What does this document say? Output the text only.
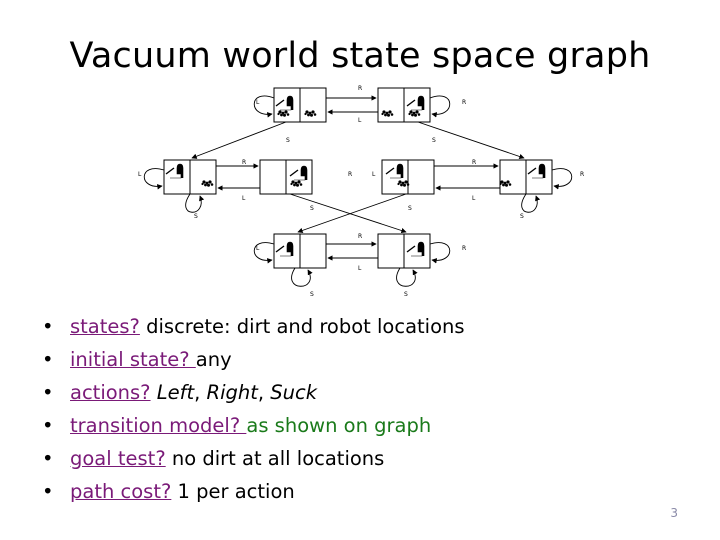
Vacuum world state space graph
R
L
L	R
S	S
R
L
R	L
R
L
L	R
S	S
S	S
R
L
L	R
S	S
• states? discrete: dirt and robot locations
• initial state? any
• actions? Left, Right, Suck
• transition model? as shown on graph
• goal test? no dirt at all locations
• path cost? 1 per action
3
